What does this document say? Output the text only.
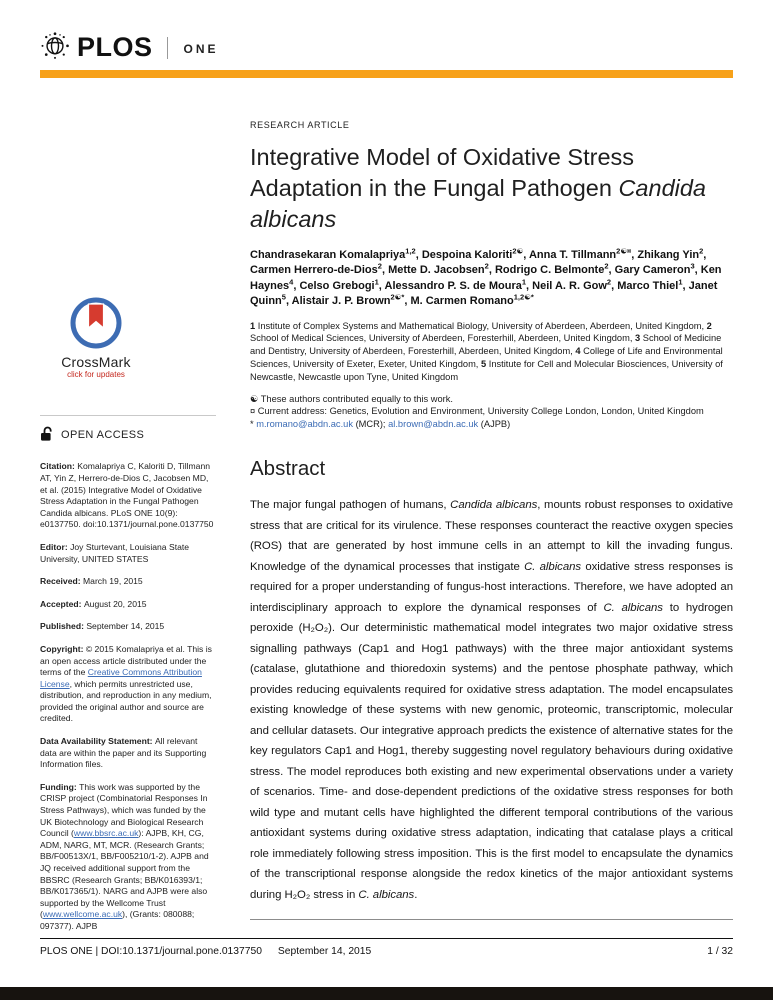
PLOS	ONE
CrossMark
click for updates
OPEN ACCESS

Citation: Komalapriya C, Kaloriti D, Tillmann AT, Yin Z, Herrero-de-Dios C, Jacobsen MD, et al. (2015) Integrative Model of Oxidative Stress Adaptation in the Fungal Pathogen Candida albicans. PLoS ONE 10(9): e0137750. doi:10.1371/journal.pone.0137750

Editor: Joy Sturtevant, Louisiana State University, UNITED STATES

Received: March 19, 2015

Accepted: August 20, 2015

Published: September 14, 2015

Copyright: © 2015 Komalapriya et al. This is an open access article distributed under the terms of the Creative Commons Attribution License, which permits unrestricted use, distribution, and reproduction in any medium, provided the original author and source are credited.

Data Availability Statement: All relevant data are within the paper and its Supporting Information files.

Funding: This work was supported by the CRISP project (Combinatorial Responses In Stress Pathways), which was funded by the UK Biotechnology and Biological Research Council (www.bbsrc.ac.uk): AJPB, KH, CG, ADM, NARG, MT, MCR. (Research Grants; BB/F00513X/1, BB/F005210/1-2). AJPB and JQ received additional support from the BBSRC (Research Grants; BB/K016393/1; BB/K017365/1). NARG and AJPB were also supported by the Wellcome Trust (www.wellcome.ac.uk), (Grants: 080088; 097377). AJPB

RESEARCH ARTICLE
Integrative Model of Oxidative Stress Adaptation in the Fungal Pathogen Candida albicans

Chandrasekaran Komalapriya$^{1,2}$, Despoina Kaloriti$^{2☯}$, Anna T. Tillmann$^{2☯¤}$, Zhikang Yin$^2$, Carmen Herrero-de-Dios$^2$, Mette D. Jacobsen$^2$, Rodrigo C. Belmonte$^2$, Gary Cameron$^3$, Ken Haynes$^4$, Celso Grebogi$^1$, Alessandro P. S. de Moura$^1$, Neil A. R. Gow$^2$, Marco Thiel$^1$, Janet Quinn$^5$, Alistair J. P. Brown$^{2☯*}$, M. Carmen Romano$^{1,2☯*}$

1 Institute of Complex Systems and Mathematical Biology, University of Aberdeen, Aberdeen, United Kingdom, 2 School of Medical Sciences, University of Aberdeen, Foresterhill, Aberdeen, United Kingdom, 3 School of Medicine and Dentistry, University of Aberdeen, Foresterhill, Aberdeen, United Kingdom, 4 College of Life and Environmental Sciences, University of Exeter, Exeter, United Kingdom, 5 Institute for Cell and Molecular Biosciences, University of Newcastle, Newcastle upon Tyne, United Kingdom

☯ These authors contributed equally to this work.

¤ Current address: Genetics, Evolution and Environment, University College London, London, United Kingdom

* m.romano@abdn.ac.uk (MCR); al.brown@abdn.ac.uk (AJPB)

Abstract

The major fungal pathogen of humans, Candida albicans, mounts robust responses to oxidative stress that are critical for its virulence. These responses counteract the reactive oxygen species (ROS) that are generated by host immune cells in an attempt to kill the invading fungus. Knowledge of the dynamical processes that instigate C. albicans oxidative stress responses is required for a proper understanding of fungus-host interactions. Therefore, we have adopted an interdisciplinary approach to explore the dynamical responses of C. albicans to hydrogen peroxide (H₂O₂). Our deterministic mathematical model integrates two major oxidative stress signalling pathways (Cap1 and Hog1 pathways) with the three major antioxidant systems (catalase, glutathione and thioredoxin systems) and the pentose phosphate pathway, which provides reducing equivalents required for oxidative stress adaptation. The model encapsulates existing knowledge of these systems with new genomic, proteomic, transcriptomic, molecular and cellular datasets. Our integrative approach predicts the existence of alternative states for the key regulators Cap1 and Hog1, thereby suggesting novel regulatory behaviours during oxidative stress. The model reproduces both existing and new experimental observations under a variety of scenarios. Time- and dose-dependent predictions of the oxidative stress responses for both wild type and mutant cells have highlighted the different temporal contributions of the various antioxidant systems during oxidative stress adaptation, indicating that catalase plays a critical role immediately following stress imposition. This is the first model to encapsulate the dynamics of the transcriptional response alongside the redox kinetics of the major antioxidant systems during H₂O₂ stress in C. albicans.

PLOS ONE | DOI:10.1371/journal.pone.0137750 September 14, 2015	1 / 32
